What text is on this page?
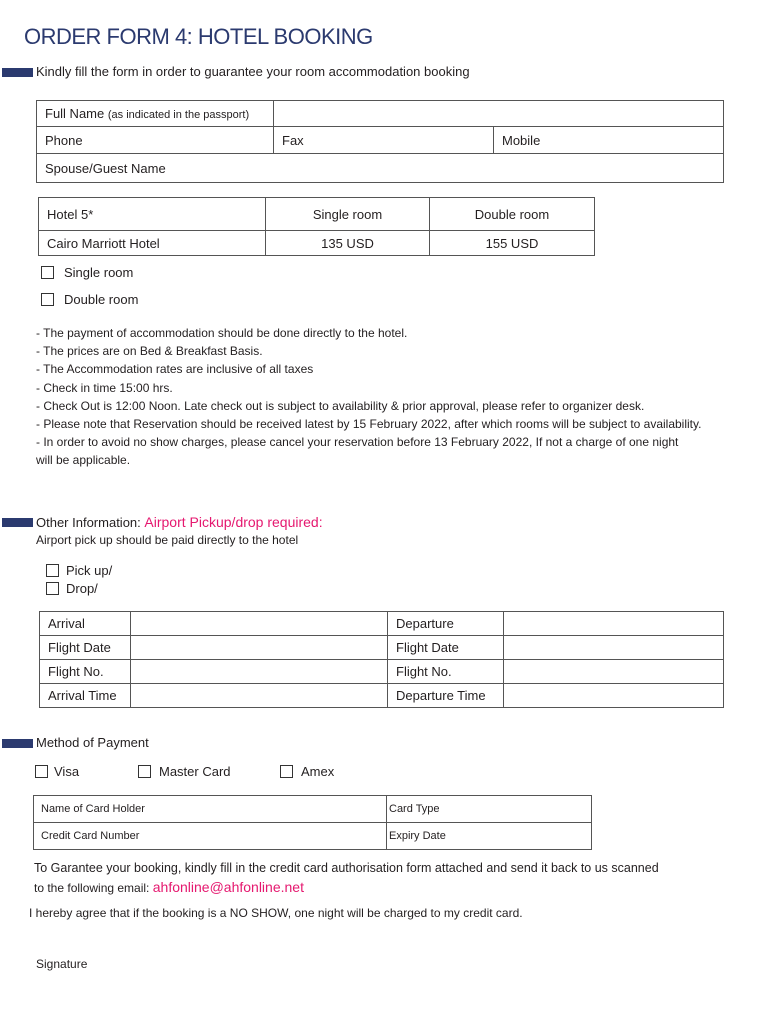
ORDER FORM 4: HOTEL BOOKING
Kindly fill the form in order to guarantee your room accommodation booking
Full Name (as indicated in the passport)		
Phone	Fax	Mobile
Spouse/Guest Name		
Hotel 5*	Single room	Double room
Cairo Marriott Hotel	135 USD	155 USD
Single room
Double room
- The payment of accommodation should be done directly to the hotel.
- The prices are on Bed & Breakfast Basis.
- The Accommodation rates are inclusive of all taxes
- Check in time 15:00 hrs.
- Check Out is 12:00 Noon. Late check out is subject to availability & prior approval, please refer to organizer desk.
- Please note that Reservation should be received latest by 15 February 2022, after which rooms will be subject to availability.
- In order to avoid no show charges, please cancel your reservation before 13 February 2022, If not a charge of one night
will be applicable.
Other Information: Airport Pickup/drop required:
Airport pick up should be paid directly to the hotel
Pick up/
Drop/
Arrival		Departure	
Flight Date		Flight Date	
Flight No.		Flight No.	
Arrival Time		Departure Time	
Method of Payment
Visa	Master Card	Amex
Name of Card Holder	Card Type
Credit Card Number	Expiry Date
To Garantee your booking, kindly fill in the credit card authorisation form attached and send it back to us scanned
to the following email: ahfonline@ahfonline.net
I hereby agree that if the booking is a NO SHOW, one night will be charged to my credit card.
Signature
